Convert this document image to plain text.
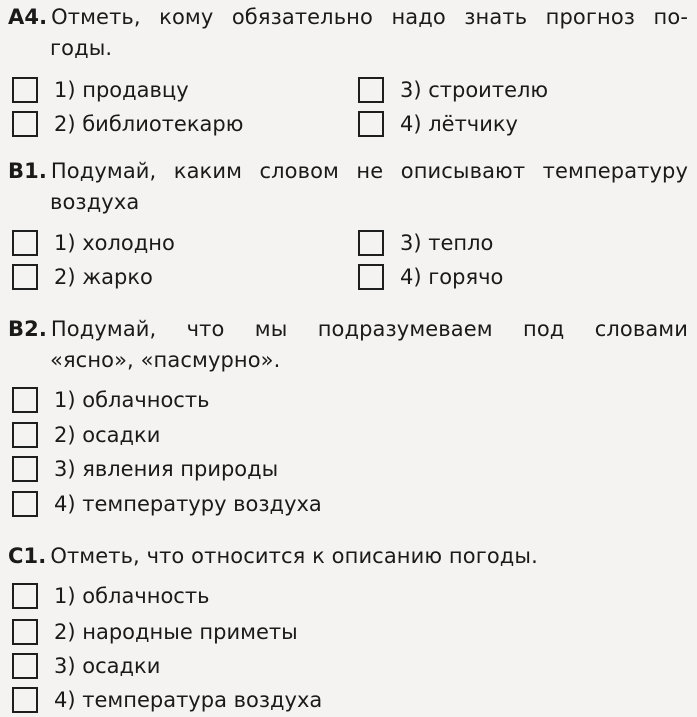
А4. Отметь, кому обязательно надо знать прогноз по-
годы.
1) продавцу
2) библиотекарю
3) строителю
4) лётчику
В1. Подумай, каким словом не описывают температуру
воздуха
1) холодно
2) жарко
3) тепло
4) горячо
В2. Подумай, что мы подразумеваем под словами
«ясно», «пасмурно».
1) облачность
2) осадки
3) явления природы
4) температуру воздуха
С1. Отметь, что относится к описанию погоды.
1) облачность
2) народные приметы
3) осадки
4) температура воздуха
